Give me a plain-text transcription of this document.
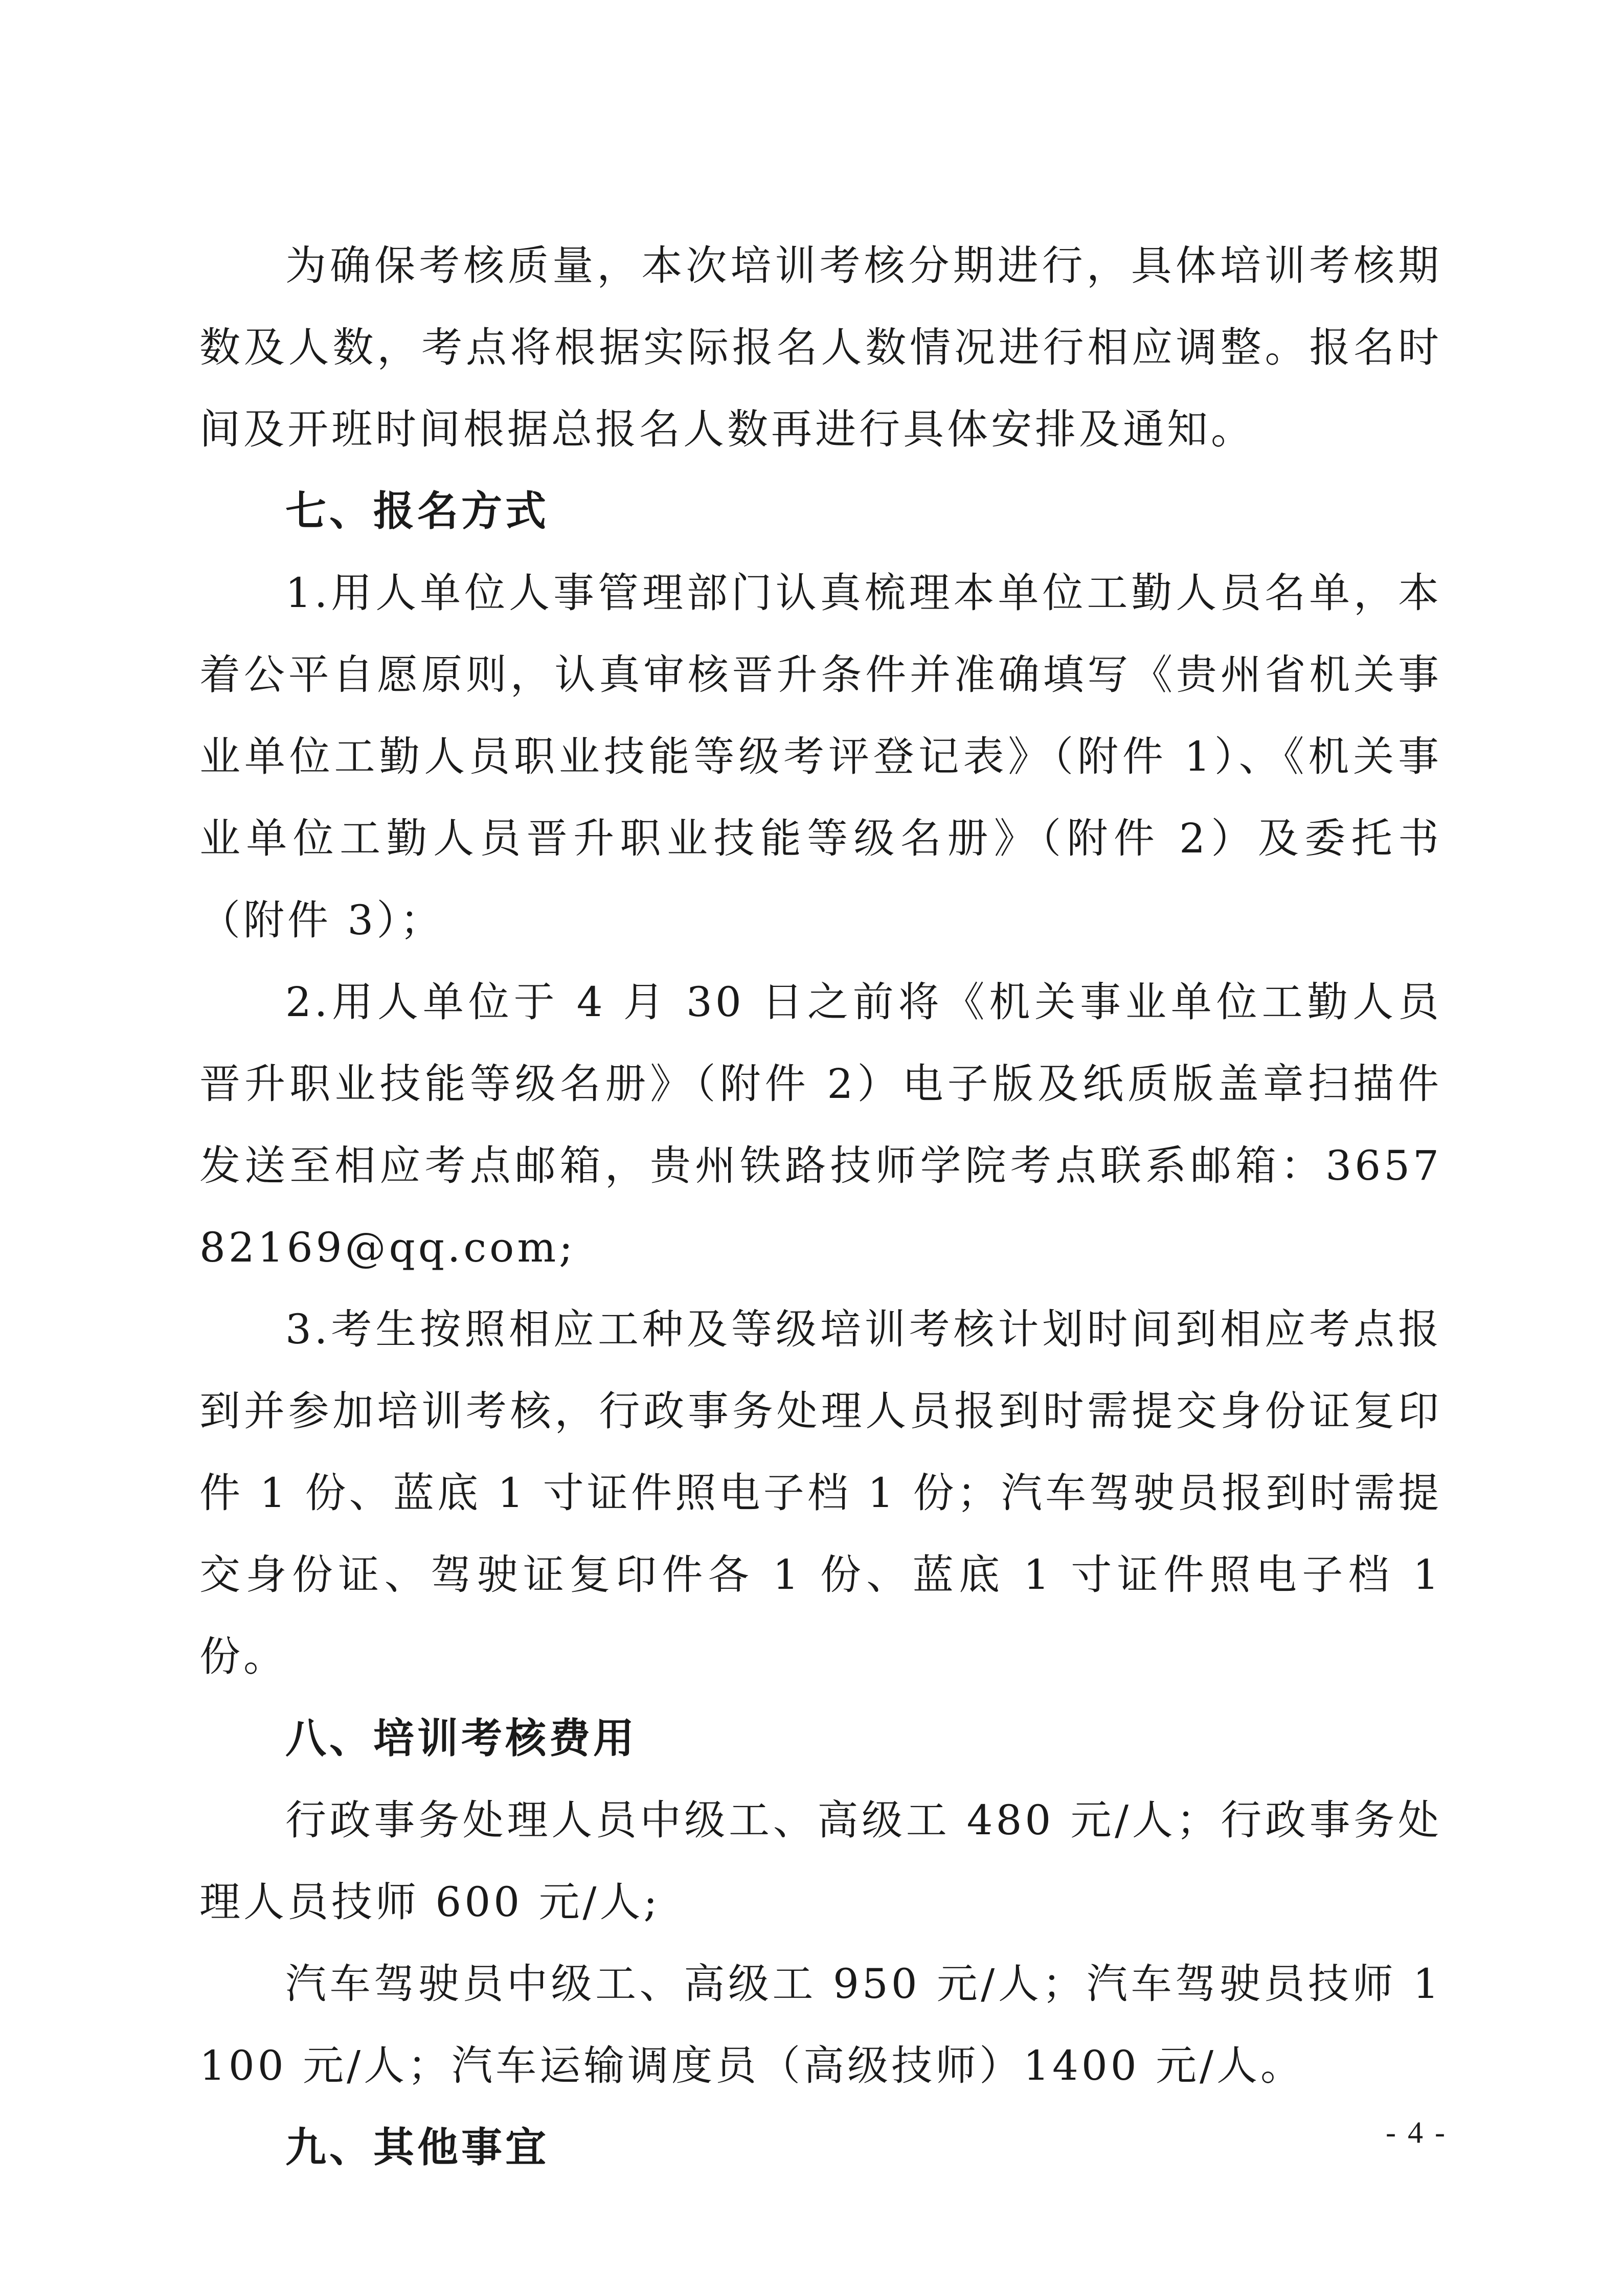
为确保考核质量，本次培训考核分期进行，具体培训考核期数及人数，考点将根据实际报名人数情况进行相应调整。报名时间及开班时间根据总报名人数再进行具体安排及通知。

七、报名方式

1.用人单位人事管理部门认真梳理本单位工勤人员名单，本着公平自愿原则，认真审核晋升条件并准确填写《贵州省机关事业单位工勤人员职业技能等级考评登记表》（附件 1）、《机关事业单位工勤人员晋升职业技能等级名册》（附件 2）及委托书（附件 3）；

2.用人单位于 4 月 30 日之前将《机关事业单位工勤人员晋升职业技能等级名册》（附件 2）电子版及纸质版盖章扫描件发送至相应考点邮箱，贵州铁路技师学院考点联系邮箱：365782169@qq.com;

3.考生按照相应工种及等级培训考核计划时间到相应考点报到并参加培训考核，行政事务处理人员报到时需提交身份证复印件 1 份、蓝底 1 寸证件照电子档 1 份；汽车驾驶员报到时需提交身份证、驾驶证复印件各 1 份、蓝底 1 寸证件照电子档 1 份。

八、培训考核费用

行政事务处理人员中级工、高级工 480 元/人；行政事务处理人员技师 600 元/人;

汽车驾驶员中级工、高级工 950 元/人；汽车驾驶员技师 1100 元/人；汽车运输调度员（高级技师）1400 元/人。

九、其他事宜	- 4 -
